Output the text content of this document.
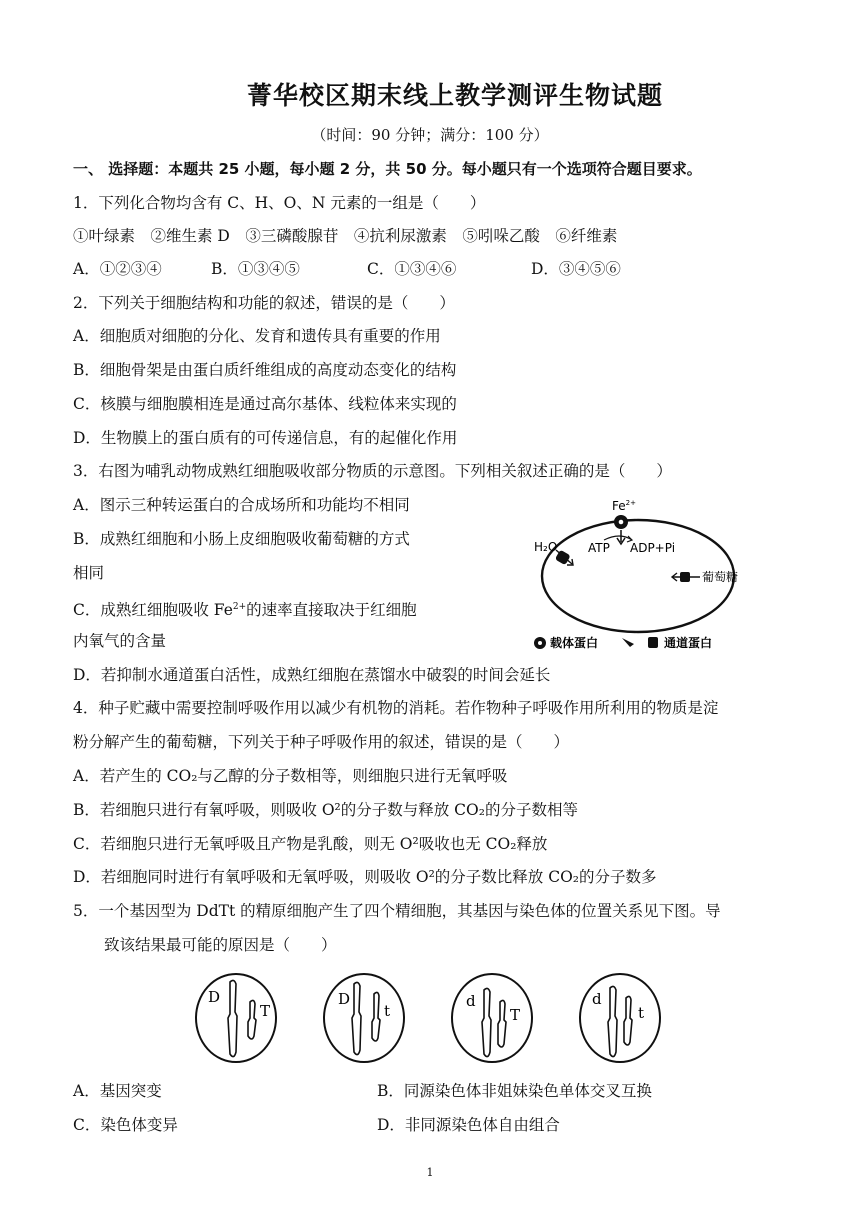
菁华校区期末线上教学测评生物试题
（时间：90 分钟；满分：100 分）
一、 选择题：本题共 25 小题，每小题 2 分，共 50 分。每小题只有一个选项符合题目要求。
1．下列化合物均含有 C、H、O、N 元素的一组是（　　）
①叶绿素　②维生素 D　③三磷酸腺苷　④抗利尿激素　⑤吲哚乙酸　⑥纤维素
A．①②③④	B．①③④⑤	C．①③④⑥	D．③④⑤⑥
2．下列关于细胞结构和功能的叙述，错误的是（　　）
A．细胞质对细胞的分化、发育和遗传具有重要的作用
B．细胞骨架是由蛋白质纤维组成的高度动态变化的结构
C．核膜与细胞膜相连是通过高尔基体、线粒体来实现的
D．生物膜上的蛋白质有的可传递信息，有的起催化作用
3．右图为哺乳动物成熟红细胞吸收部分物质的示意图。下列相关叙述正确的是（　　）
A．图示三种转运蛋白的合成场所和功能均不相同
B．成熟红细胞和小肠上皮细胞吸收葡萄糖的方式
相同
C．成熟红细胞吸收 $Fe^{2+}$的速率直接取决于红细胞
内氧气的含量
D．若抑制水通道蛋白活性，成熟红细胞在蒸馏水中破裂的时间会延长
$Fe^{2+}$
ATP ADP+Pi
H₂O
葡萄糖
载体蛋白	通道蛋白
4．种子贮藏中需要控制呼吸作用以减少有机物的消耗。若作物种子呼吸作用所利用的物质是淀
粉分解产生的葡萄糖，下列关于种子呼吸作用的叙述，错误的是（　　）
A．若产生的 CO₂与乙醇的分子数相等，则细胞只进行无氧呼吸
B．若细胞只进行有氧呼吸，则吸收 O²的分子数与释放 CO₂的分子数相等
C．若细胞只进行无氧呼吸且产物是乳酸，则无 O²吸收也无 CO₂释放
D．若细胞同时进行有氧呼吸和无氧呼吸，则吸收 O²的分子数比释放 CO₂的分子数多
5．一个基因型为 DdTt 的精原细胞产生了四个精细胞，其基因与染色体的位置关系见下图。导
致该结果最可能的原因是（　　）
D
T
D
t
d
T
d
t
A．基因突变	B．同源染色体非姐妹染色单体交叉互换
C．染色体变异	D．非同源染色体自由组合
1
